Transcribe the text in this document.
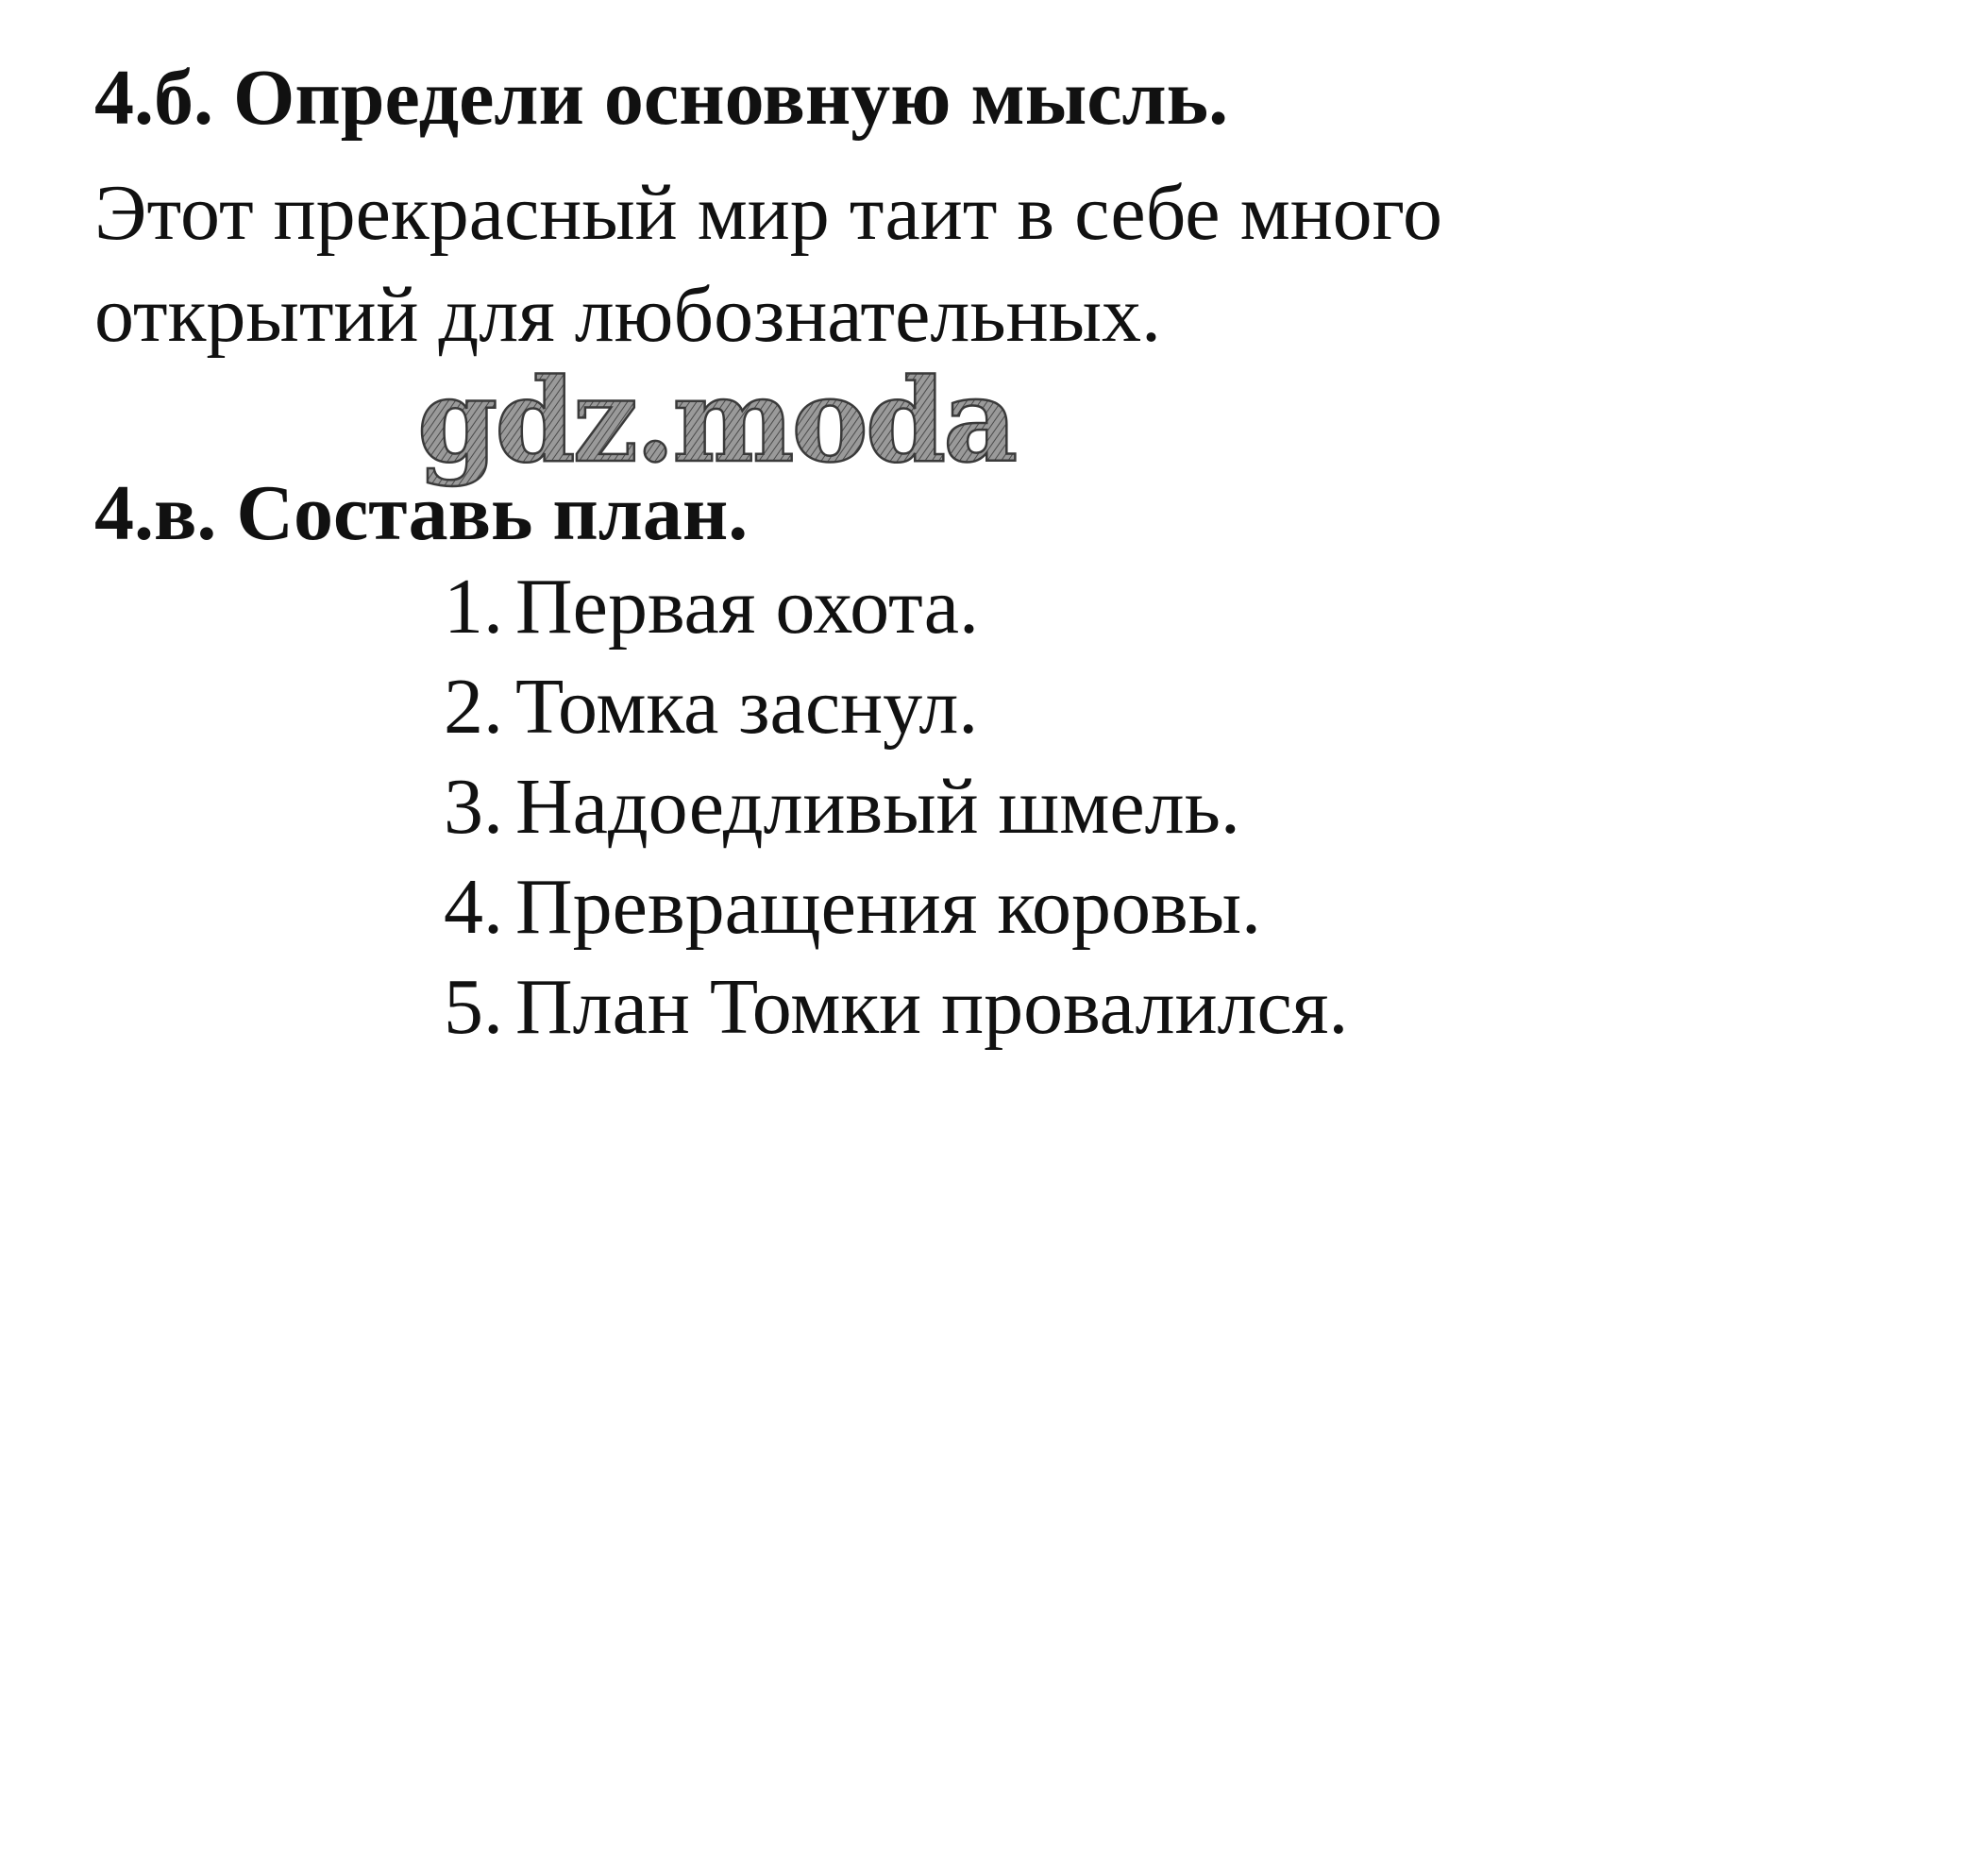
4.б. Определи основную мысль.

Этот прекрасный мир таит в себе много
открытий для любознательных.

gdz.moda
4.в. Составь план.
1. Первая охота.
2. Томка заснул.
3. Надоедливый шмель.
4. Превращения коровы.
5. План Томки провалился.
